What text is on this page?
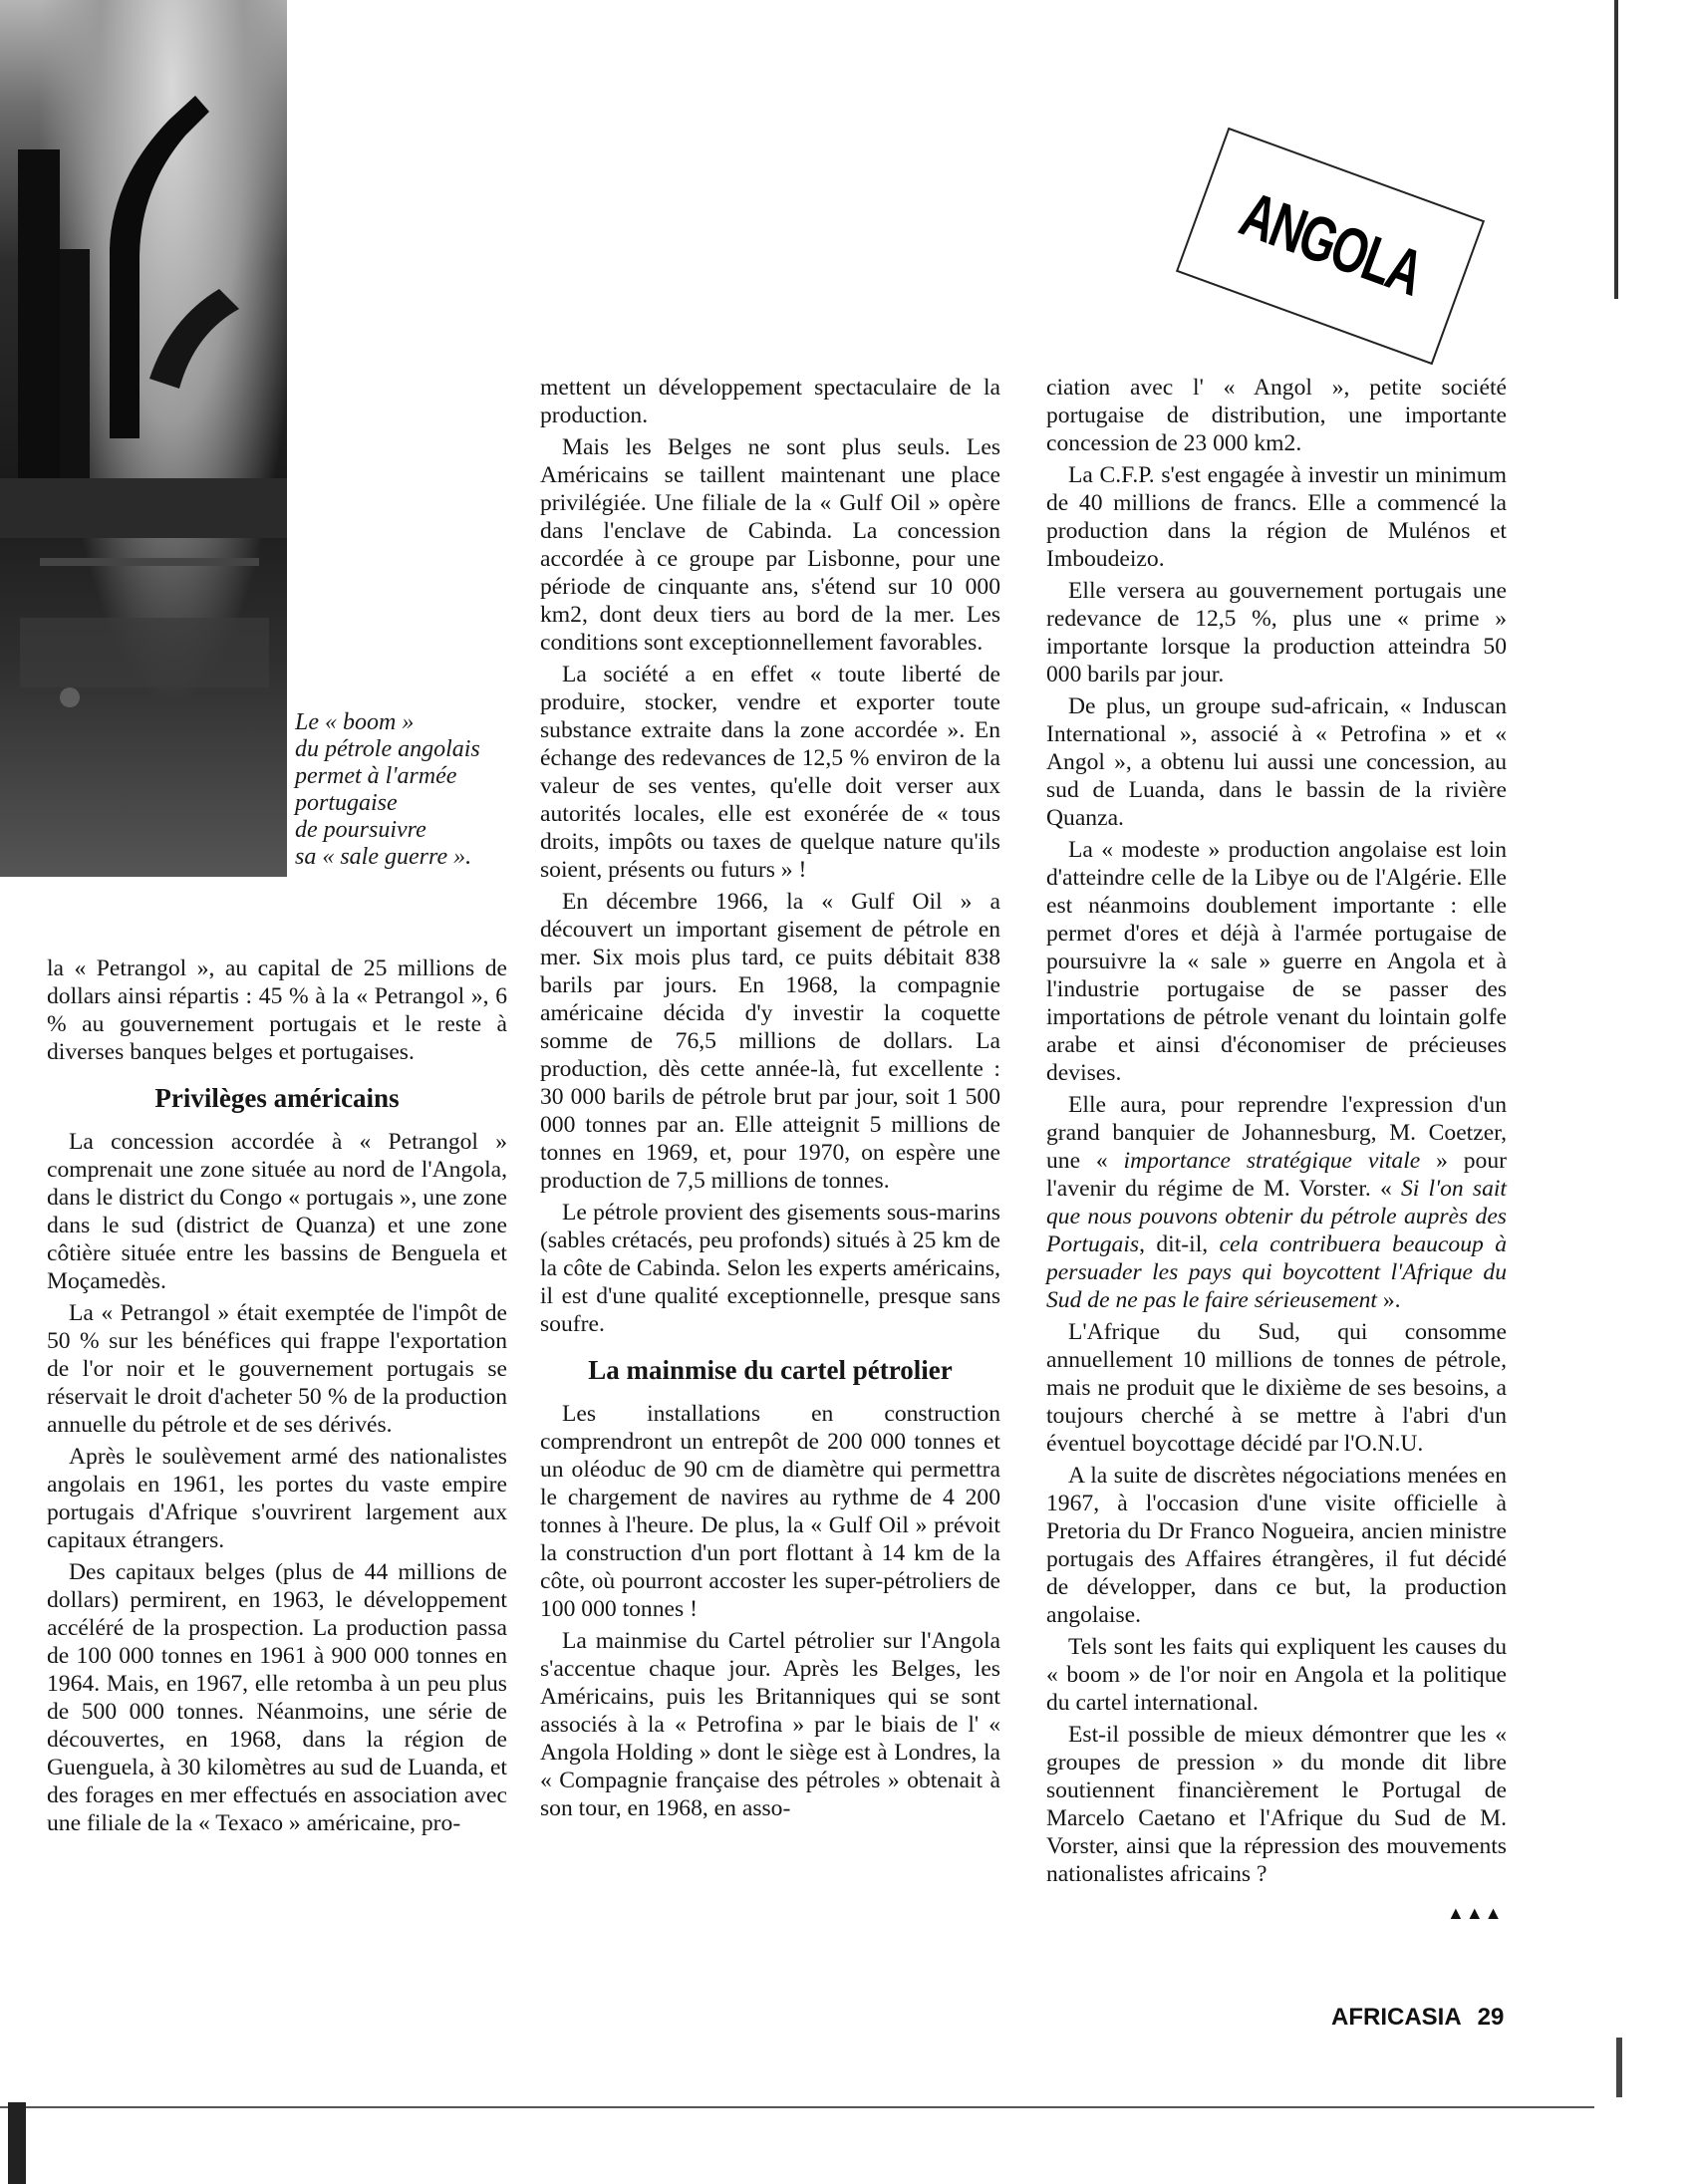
Le « boom »
du pétrole angolais
permet à l'armée
portugaise
de poursuivre
sa « sale guerre ».
ANGOLA

la « Petrangol », au capital de 25 millions de dollars ainsi répartis : 45 % à la « Petrangol », 6 % au gouvernement portugais et le reste à diverses banques belges et portugaises.

Privilèges américains

La concession accordée à « Petrangol » comprenait une zone située au nord de l'Angola, dans le district du Congo « portugais », une zone dans le sud (district de Quanza) et une zone côtière située entre les bassins de Benguela et Moçamedès.

La « Petrangol » était exemptée de l'impôt de 50 % sur les bénéfices qui frappe l'exportation de l'or noir et le gouvernement portugais se réservait le droit d'acheter 50 % de la production annuelle du pétrole et de ses dérivés.

Après le soulèvement armé des nationalistes angolais en 1961, les portes du vaste empire portugais d'Afrique s'ouvrirent largement aux capitaux étrangers.

Des capitaux belges (plus de 44 millions de dollars) permirent, en 1963, le développement accéléré de la prospection. La production passa de 100 000 tonnes en 1961 à 900 000 tonnes en 1964. Mais, en 1967, elle retomba à un peu plus de 500 000 tonnes. Néanmoins, une série de découvertes, en 1968, dans la région de Guenguela, à 30 kilomètres au sud de Luanda, et des forages en mer effectués en association avec une filiale de la « Texaco » américaine, pro-

mettent un développement spectaculaire de la production.

Mais les Belges ne sont plus seuls. Les Américains se taillent maintenant une place privilégiée. Une filiale de la « Gulf Oil » opère dans l'enclave de Cabinda. La concession accordée à ce groupe par Lisbonne, pour une période de cinquante ans, s'étend sur 10 000 km2, dont deux tiers au bord de la mer. Les conditions sont exceptionnellement favorables.

La société a en effet « toute liberté de produire, stocker, vendre et exporter toute substance extraite dans la zone accordée ». En échange des redevances de 12,5 % environ de la valeur de ses ventes, qu'elle doit verser aux autorités locales, elle est exonérée de « tous droits, impôts ou taxes de quelque nature qu'ils soient, présents ou futurs » !

En décembre 1966, la « Gulf Oil » a découvert un important gisement de pétrole en mer. Six mois plus tard, ce puits débitait 838 barils par jours. En 1968, la compagnie américaine décida d'y investir la coquette somme de 76,5 millions de dollars. La production, dès cette année-là, fut excellente : 30 000 barils de pétrole brut par jour, soit 1 500 000 tonnes par an. Elle atteignit 5 millions de tonnes en 1969, et, pour 1970, on espère une production de 7,5 millions de tonnes.

Le pétrole provient des gisements sous-marins (sables crétacés, peu profonds) situés à 25 km de la côte de Cabinda. Selon les experts américains, il est d'une qualité exceptionnelle, presque sans soufre.

La mainmise du cartel pétrolier

Les installations en construction comprendront un entrepôt de 200 000 tonnes et un oléoduc de 90 cm de diamètre qui permettra le chargement de navires au rythme de 4 200 tonnes à l'heure. De plus, la « Gulf Oil » prévoit la construction d'un port flottant à 14 km de la côte, où pourront accoster les super-pétroliers de 100 000 tonnes !

La mainmise du Cartel pétrolier sur l'Angola s'accentue chaque jour. Après les Belges, les Américains, puis les Britanniques qui se sont associés à la « Petrofina » par le biais de l' « Angola Holding » dont le siège est à Londres, la « Compagnie française des pétroles » obtenait à son tour, en 1968, en asso-

ciation avec l' « Angol », petite société portugaise de distribution, une importante concession de 23 000 km2.

La C.F.P. s'est engagée à investir un minimum de 40 millions de francs. Elle a commencé la production dans la région de Mulénos et Imboudeizo.

Elle versera au gouvernement portugais une redevance de 12,5 %, plus une « prime » importante lorsque la production atteindra 50 000 barils par jour.

De plus, un groupe sud-africain, « Induscan International », associé à « Petrofina » et « Angol », a obtenu lui aussi une concession, au sud de Luanda, dans le bassin de la rivière Quanza.

La « modeste » production angolaise est loin d'atteindre celle de la Libye ou de l'Algérie. Elle est néanmoins doublement importante : elle permet d'ores et déjà à l'armée portugaise de poursuivre la « sale » guerre en Angola et à l'industrie portugaise de se passer des importations de pétrole venant du lointain golfe arabe et ainsi d'économiser de précieuses devises.

Elle aura, pour reprendre l'expression d'un grand banquier de Johannesburg, M. Coetzer, une « importance stratégique vitale » pour l'avenir du régime de M. Vorster. « Si l'on sait que nous pouvons obtenir du pétrole auprès des Portugais, dit-il, cela contribuera beaucoup à persuader les pays qui boycottent l'Afrique du Sud de ne pas le faire sérieusement ».

L'Afrique du Sud, qui consomme annuellement 10 millions de tonnes de pétrole, mais ne produit que le dixième de ses besoins, a toujours cherché à se mettre à l'abri d'un éventuel boycottage décidé par l'O.N.U.

A la suite de discrètes négociations menées en 1967, à l'occasion d'une visite officielle à Pretoria du Dr Franco Nogueira, ancien ministre portugais des Affaires étrangères, il fut décidé de développer, dans ce but, la production angolaise.

Tels sont les faits qui expliquent les causes du « boom » de l'or noir en Angola et la politique du cartel international.

Est-il possible de mieux démontrer que les « groupes de pression » du monde dit libre soutiennent financièrement le Portugal de Marcelo Caetano et l'Afrique du Sud de M. Vorster, ainsi que la répression des mouvements nationalistes africains ?

▲▲▲
AFRICASIA 29
